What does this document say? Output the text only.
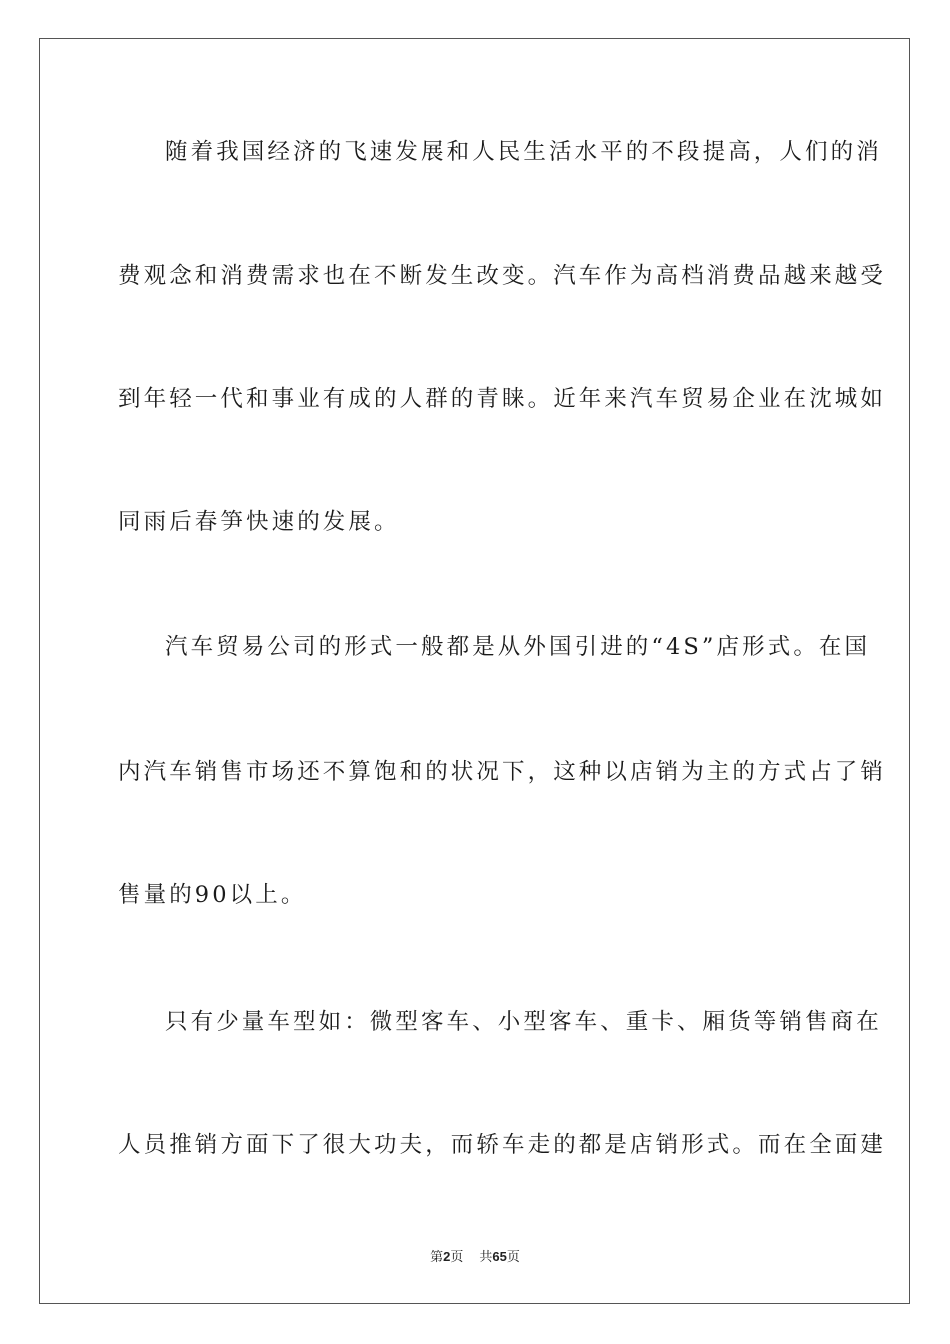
随着我国经济的飞速发展和人民生活水平的不段提高，人们的消
费观念和消费需求也在不断发生改变。汽车作为高档消费品越来越受
到年轻一代和事业有成的人群的青睐。近年来汽车贸易企业在沈城如
同雨后春笋快速的发展。
汽车贸易公司的形式一般都是从外国引进的“4S”店形式。在国
内汽车销售市场还不算饱和的状况下，这种以店销为主的方式占了销
售量的90以上。
只有少量车型如：微型客车、小型客车、重卡、厢货等销售商在
人员推销方面下了很大功夫，而轿车走的都是店销形式。而在全面建
第2页 共65页
